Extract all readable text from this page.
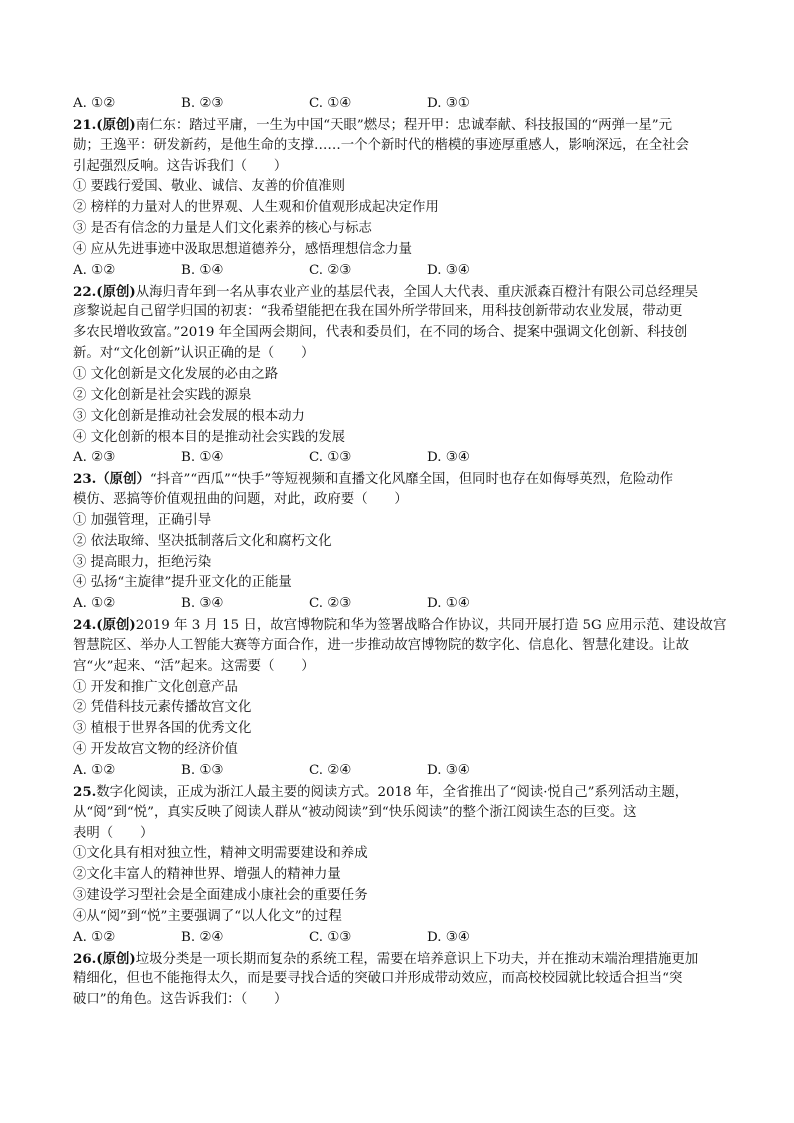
A. ①②	B. ②③	C. ①④	D. ③①
21.(原创)南仁东：踏过平庸，一生为中国“天眼”燃尽；程开甲：忠诚奉献、科技报国的“两弹一星”元
勋；王逸平：研发新药，是他生命的支撑……一个个新时代的楷模的事迹厚重感人，影响深远，在全社会
引起强烈反响。这告诉我们（　　）
① 要践行爱国、敬业、诚信、友善的价值准则
② 榜样的力量对人的世界观、人生观和价值观形成起决定作用
③ 是否有信念的力量是人们文化素养的核心与标志
④ 应从先进事迹中汲取思想道德养分，感悟理想信念力量
A. ①②	B. ①④	C. ②③	D. ③④
22.(原创)从海归青年到一名从事农业产业的基层代表，全国人大代表、重庆派森百橙汁有限公司总经理吴
彦黎说起自己留学归国的初衷：“我希望能把在我在国外所学带回来，用科技创新带动农业发展，带动更
多农民增收致富。”2019 年全国两会期间，代表和委员们，在不同的场合、提案中强调文化创新、科技创
新。对“文化创新”认识正确的是（　　）
① 文化创新是文化发展的必由之路
② 文化创新是社会实践的源泉
③ 文化创新是推动社会发展的根本动力
④ 文化创新的根本目的是推动社会实践的发展
A. ②③	B. ①④	C. ①③	D. ③④
23.（原创）“抖音”“西瓜”“快手”等短视频和直播文化风靡全国，但同时也存在如侮辱英烈，危险动作
模仿、恶搞等价值观扭曲的问题，对此，政府要（　　）
① 加强管理，正确引导
② 依法取缔、坚决抵制落后文化和腐朽文化
③ 提高眼力，拒绝污染
④ 弘扬“主旋律”提升亚文化的正能量
A. ①②	B. ③④	C. ②③	D. ①④
24.(原创)2019 年 3 月 15 日，故宫博物院和华为签署战略合作协议，共同开展打造 5G 应用示范、建设故宫
智慧院区、举办人工智能大赛等方面合作，进一步推动故宫博物院的数字化、信息化、智慧化建设。让故
宫“火”起来、“活”起来。这需要（　　）
① 开发和推广文化创意产品
② 凭借科技元素传播故宫文化
③ 植根于世界各国的优秀文化
④ 开发故宫文物的经济价值
A. ①②	B. ①③	C. ②④	D. ③④
25.数字化阅读，正成为浙江人最主要的阅读方式。2018 年，全省推出了“阅读·悦自己”系列活动主题，
从“阅”到“悦”，真实反映了阅读人群从“被动阅读”到“快乐阅读”的整个浙江阅读生态的巨变。这
表明（　　）
①文化具有相对独立性，精神文明需要建设和养成
②文化丰富人的精神世界、增强人的精神力量
③建设学习型社会是全面建成小康社会的重要任务
④从“阅”到“悦”主要强调了“以人化文”的过程
A. ①②	B. ②④	C. ①③	D. ③④
26.(原创)垃圾分类是一项长期而复杂的系统工程，需要在培养意识上下功夫，并在推动末端治理措施更加
精细化，但也不能拖得太久，而是要寻找合适的突破口并形成带动效应，而高校校园就比较适合担当“突
破口”的角色。这告诉我们：（　　）
